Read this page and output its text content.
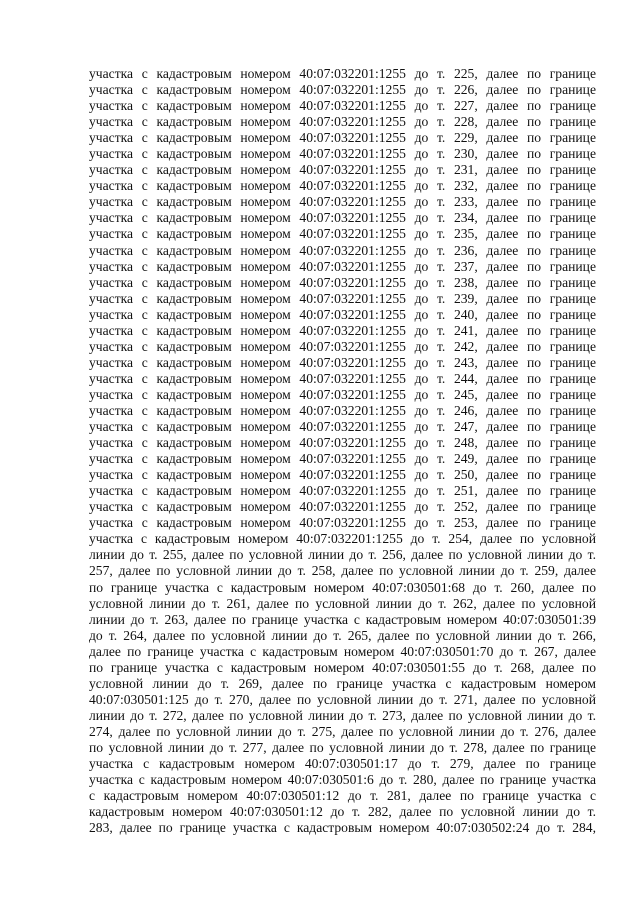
участка с кадастровым номером 40:07:032201:1255 до т. 225, далее по границе
участка с кадастровым номером 40:07:032201:1255 до т. 226, далее по границе
участка с кадастровым номером 40:07:032201:1255 до т. 227, далее по границе
участка с кадастровым номером 40:07:032201:1255 до т. 228, далее по границе
участка с кадастровым номером 40:07:032201:1255 до т. 229, далее по границе
участка с кадастровым номером 40:07:032201:1255 до т. 230, далее по границе
участка с кадастровым номером 40:07:032201:1255 до т. 231, далее по границе
участка с кадастровым номером 40:07:032201:1255 до т. 232, далее по границе
участка с кадастровым номером 40:07:032201:1255 до т. 233, далее по границе
участка с кадастровым номером 40:07:032201:1255 до т. 234, далее по границе
участка с кадастровым номером 40:07:032201:1255 до т. 235, далее по границе
участка с кадастровым номером 40:07:032201:1255 до т. 236, далее по границе
участка с кадастровым номером 40:07:032201:1255 до т. 237, далее по границе
участка с кадастровым номером 40:07:032201:1255 до т. 238, далее по границе
участка с кадастровым номером 40:07:032201:1255 до т. 239, далее по границе
участка с кадастровым номером 40:07:032201:1255 до т. 240, далее по границе
участка с кадастровым номером 40:07:032201:1255 до т. 241, далее по границе
участка с кадастровым номером 40:07:032201:1255 до т. 242, далее по границе
участка с кадастровым номером 40:07:032201:1255 до т. 243, далее по границе
участка с кадастровым номером 40:07:032201:1255 до т. 244, далее по границе
участка с кадастровым номером 40:07:032201:1255 до т. 245, далее по границе
участка с кадастровым номером 40:07:032201:1255 до т. 246, далее по границе
участка с кадастровым номером 40:07:032201:1255 до т. 247, далее по границе
участка с кадастровым номером 40:07:032201:1255 до т. 248, далее по границе
участка с кадастровым номером 40:07:032201:1255 до т. 249, далее по границе
участка с кадастровым номером 40:07:032201:1255 до т. 250, далее по границе
участка с кадастровым номером 40:07:032201:1255 до т. 251, далее по границе
участка с кадастровым номером 40:07:032201:1255 до т. 252, далее по границе
участка с кадастровым номером 40:07:032201:1255 до т. 253, далее по границе
участка с кадастровым номером 40:07:032201:1255 до т. 254, далее по условной
линии до т. 255, далее по условной линии до т. 256, далее по условной линии до т.
257, далее по условной линии до т. 258, далее по условной линии до т. 259, далее
по границе участка с кадастровым номером 40:07:030501:68 до т. 260, далее по
условной линии до т. 261, далее по условной линии до т. 262, далее по условной
линии до т. 263, далее по границе участка с кадастровым номером 40:07:030501:39
до т. 264, далее по условной линии до т. 265, далее по условной линии до т. 266,
далее по границе участка с кадастровым номером 40:07:030501:70 до т. 267, далее
по границе участка с кадастровым номером 40:07:030501:55 до т. 268, далее по
условной линии до т. 269, далее по границе участка с кадастровым номером
40:07:030501:125 до т. 270, далее по условной линии до т. 271, далее по условной
линии до т. 272, далее по условной линии до т. 273, далее по условной линии до т.
274, далее по условной линии до т. 275, далее по условной линии до т. 276, далее
по условной линии до т. 277, далее по условной линии до т. 278, далее по границе
участка с кадастровым номером 40:07:030501:17 до т. 279, далее по границе
участка с кадастровым номером 40:07:030501:6 до т. 280, далее по границе участка
с кадастровым номером 40:07:030501:12 до т. 281, далее по границе участка с
кадастровым номером 40:07:030501:12 до т. 282, далее по условной линии до т.
283, далее по границе участка с кадастровым номером 40:07:030502:24 до т. 284,
